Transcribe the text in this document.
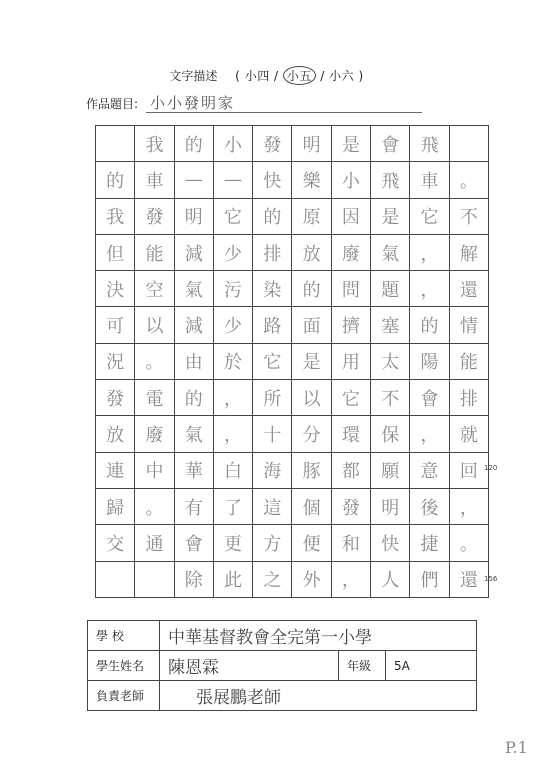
文字描述 ( 小四 / 小五 / 小六 )
作品題目: 小小發明家
	我	的	小	發	明	是	會	飛	
的	車	—	—	快	樂	小	飛	車	。
我	發	明	它	的	原	因	是	它	不
但	能	減	少	排	放	廢	氣	，	解
決	空	氣	污	染	的	問	題	，	還
可	以	減	少	路	面	擠	塞	的	情
況	。	由	於	它	是	用	太	陽	能
發	電	的	，	所	以	它	不	會	排
放	廢	氣	，	十	分	環	保	，	就
連	中	華	白	海	豚	都	願	意	回
歸	。	有	了	這	個	發	明	後	，
交	通	會	更	方	便	和	快	捷	。
		除	此	之	外	，	人	們	還
120
156
學 校	中華基督教會全完第一小學		
學生姓名	陳恩霖	年級	5A
負責老師	張展鵬老師		
P.1
